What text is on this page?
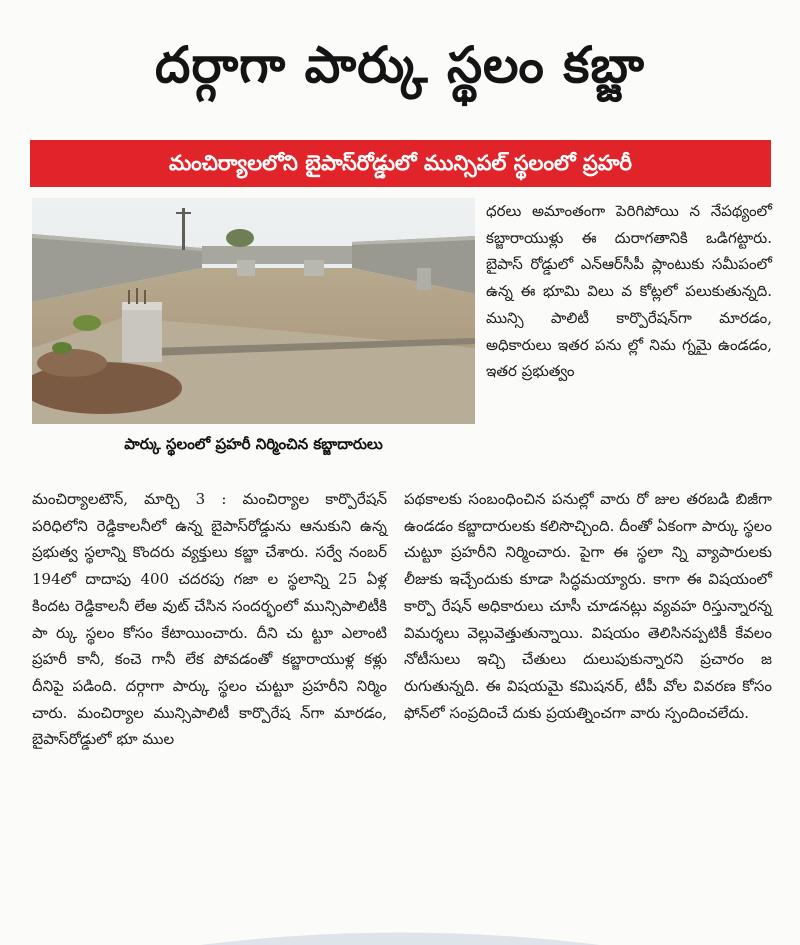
దర్గాగా పార్కు స్థలం కబ్జా
మంచిర్యాలలోని బైపాస్‌రోడ్డులో మున్సిపల్ స్థలంలో ప్రహరీ
పార్కు స్థలంలో ప్రహరీ నిర్మించిన కబ్జాదారులు

ధరలు అమాంతంగా పెరిగిపోయి న నేపథ్యంలో కబ్జారాయుళ్లు ఈ దురాగతానికి ఒడిగట్టారు. బైపాస్ రోడ్డులో ఎన్ఆర్‌సీపీ ప్లాంటుకు సమీపంలో ఉన్న ఈ భూమి విలు వ కోట్లలో పలుకుతున్నది. మున్సి పాలిటీ కార్పొరేషన్‌గా మారడం, అధికారులు ఇతర పను ల్లో నిమ గ్నమై ఉండడం, ఇతర ప్రభుత్వం

మంచిర్యాలటౌన్, మార్చి 3 : మంచిర్యాల కార్పొరేషన్ పరిధిలోని రెడ్డికాలనీలో ఉన్న బైపాస్‌రోడ్డును ఆనుకుని ఉన్న ప్రభుత్వ స్థలాన్ని కొందరు వ్యక్తులు కబ్జా చేశారు. సర్వే నంబర్ 194లో దాదాపు 400 చదరపు గజా ల స్థలాన్ని 25 ఏళ్ల కిందట రెడ్డికాలనీ లేఅ వుట్ చేసిన సందర్భంలో మున్సిపాలిటీకి పా ర్కు స్థలం కోసం కేటాయించారు. దీని చు ట్టూ ఎలాంటి ప్రహరీ కానీ, కంచె గానీ లేక పోవడంతో కబ్జారాయుళ్ల కళ్లు దీనిపై పడింది. దర్గాగా పార్కు స్థలం చుట్టూ ప్రహరీని నిర్మిం చారు. మంచిర్యాల మున్సిపాలిటీ కార్పొరేష న్‌గా మారడం, బైపాస్‌రోడ్డులో భూ ముల

పథకాలకు సంబంధించిన పనుల్లో వారు రో జుల తరబడి బిజీగా ఉండడం కబ్జాదారులకు కలిసొచ్చింది. దీంతో ఏకంగా పార్కు స్థలం చుట్టూ ప్రహరీని నిర్మించారు. పైగా ఈ స్థలా న్ని వ్యాపారులకు లీజుకు ఇచ్చేందుకు కూడా సిద్ధమయ్యారు. కాగా ఈ విషయంలో కార్పొ రేషన్ అధికారులు చూసీ చూడనట్లు వ్యవహ రిస్తున్నారన్న విమర్శలు వెల్లువెత్తుతున్నాయి. విషయం తెలిసినప్పటికీ కేవలం నోటీసులు ఇచ్చి చేతులు దులుపుకున్నారని ప్రచారం జ రుగుతున్నది. ఈ విషయమై కమిషనర్, టీపీ వోల వివరణ కోసం ఫోన్‌లో సంప్రదించే దుకు ప్రయత్నించగా వారు స్పందించలేదు.
